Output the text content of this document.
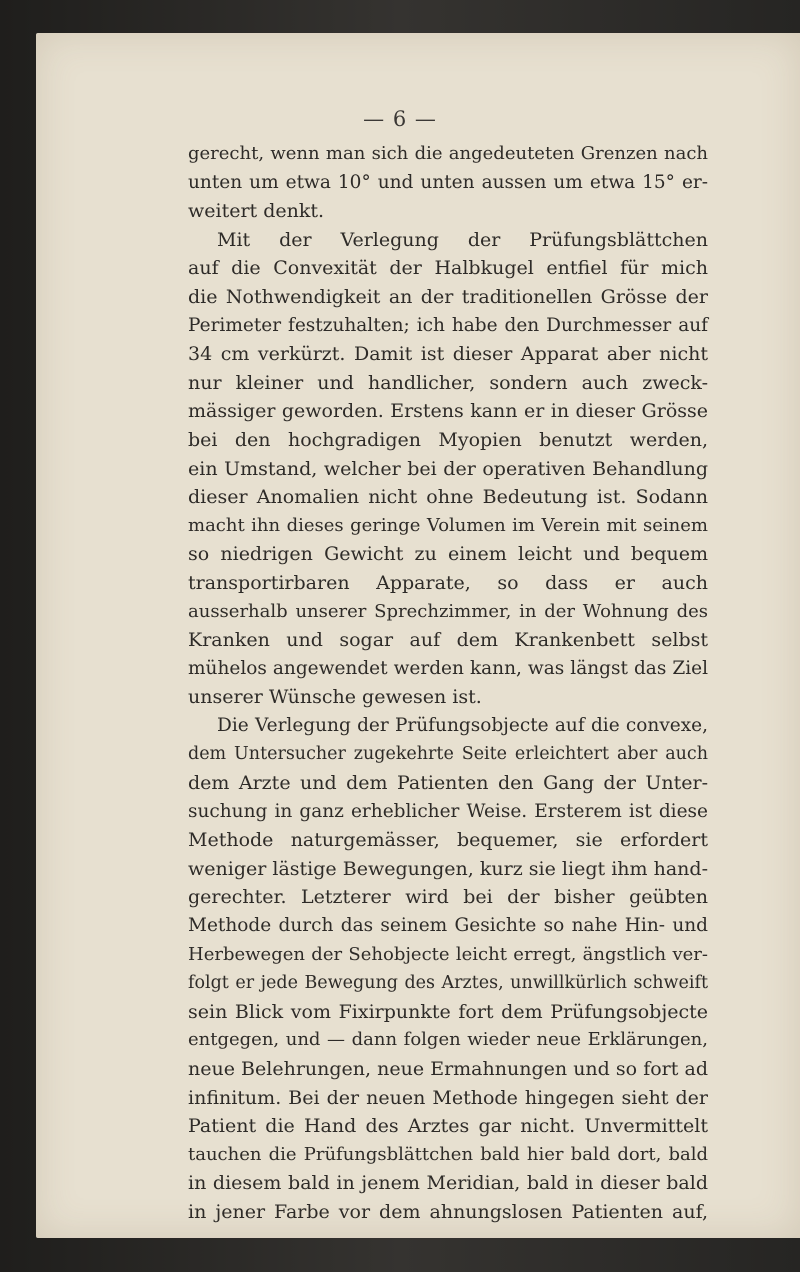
— 6 —
gerecht, wenn man sich die angedeuteten Grenzen nach
unten um etwa 10° und unten aussen um etwa 15° er-
weitert denkt.
Mit der Verlegung der Prüfungsblättchen
auf die Convexität der Halbkugel entfiel für mich
die Nothwendigkeit an der traditionellen Grösse der
Perimeter festzuhalten; ich habe den Durchmesser auf
34 cm verkürzt. Damit ist dieser Apparat aber nicht
nur kleiner und handlicher, sondern auch zweck-
mässiger geworden. Erstens kann er in dieser Grösse
bei den hochgradigen Myopien benutzt werden,
ein Umstand, welcher bei der operativen Behandlung
dieser Anomalien nicht ohne Bedeutung ist. Sodann
macht ihn dieses geringe Volumen im Verein mit seinem
so niedrigen Gewicht zu einem leicht und bequem
transportirbaren Apparate, so dass er auch
ausserhalb unserer Sprechzimmer, in der Wohnung des
Kranken und sogar auf dem Krankenbett selbst
mühelos angewendet werden kann, was längst das Ziel
unserer Wünsche gewesen ist.
Die Verlegung der Prüfungsobjecte auf die convexe,
dem Untersucher zugekehrte Seite erleichtert aber auch
dem Arzte und dem Patienten den Gang der Unter-
suchung in ganz erheblicher Weise. Ersterem ist diese
Methode naturgemässer, bequemer, sie erfordert
weniger lästige Bewegungen, kurz sie liegt ihm hand-
gerechter. Letzterer wird bei der bisher geübten
Methode durch das seinem Gesichte so nahe Hin- und
Herbewegen der Sehobjecte leicht erregt, ängstlich ver-
folgt er jede Bewegung des Arztes, unwillkürlich schweift
sein Blick vom Fixirpunkte fort dem Prüfungsobjecte
entgegen, und — dann folgen wieder neue Erklärungen,
neue Belehrungen, neue Ermahnungen und so fort ad
infinitum. Bei der neuen Methode hingegen sieht der
Patient die Hand des Arztes gar nicht. Unvermittelt
tauchen die Prüfungsblättchen bald hier bald dort, bald
in diesem bald in jenem Meridian, bald in dieser bald
in jener Farbe vor dem ahnungslosen Patienten auf,
